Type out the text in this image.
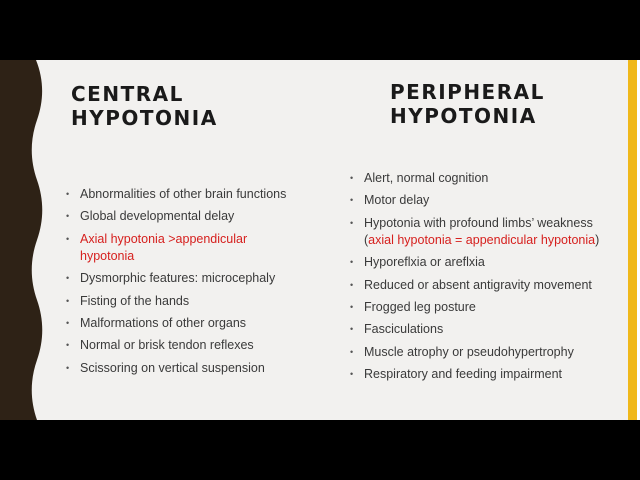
CENTRAL
HYPOTONIA
PERIPHERAL
HYPOTONIA
• Abnormalities of other brain functions
• Global developmental delay
• Axial hypotonia >appendicular
hypotonia
• Dysmorphic features: microcephaly
• Fisting of the hands
• Malformations of other organs
• Normal or brisk tendon reflexes
• Scissoring on vertical suspension
• Alert, normal cognition
• Motor delay
• Hypotonia with profound limbs’ weakness
(axial hypotonia = appendicular hypotonia)
• Hyporeflxia or areflxia
• Reduced or absent antigravity movement
• Frogged leg posture
• Fasciculations
• Muscle atrophy or pseudohypertrophy
• Respiratory and feeding impairment
